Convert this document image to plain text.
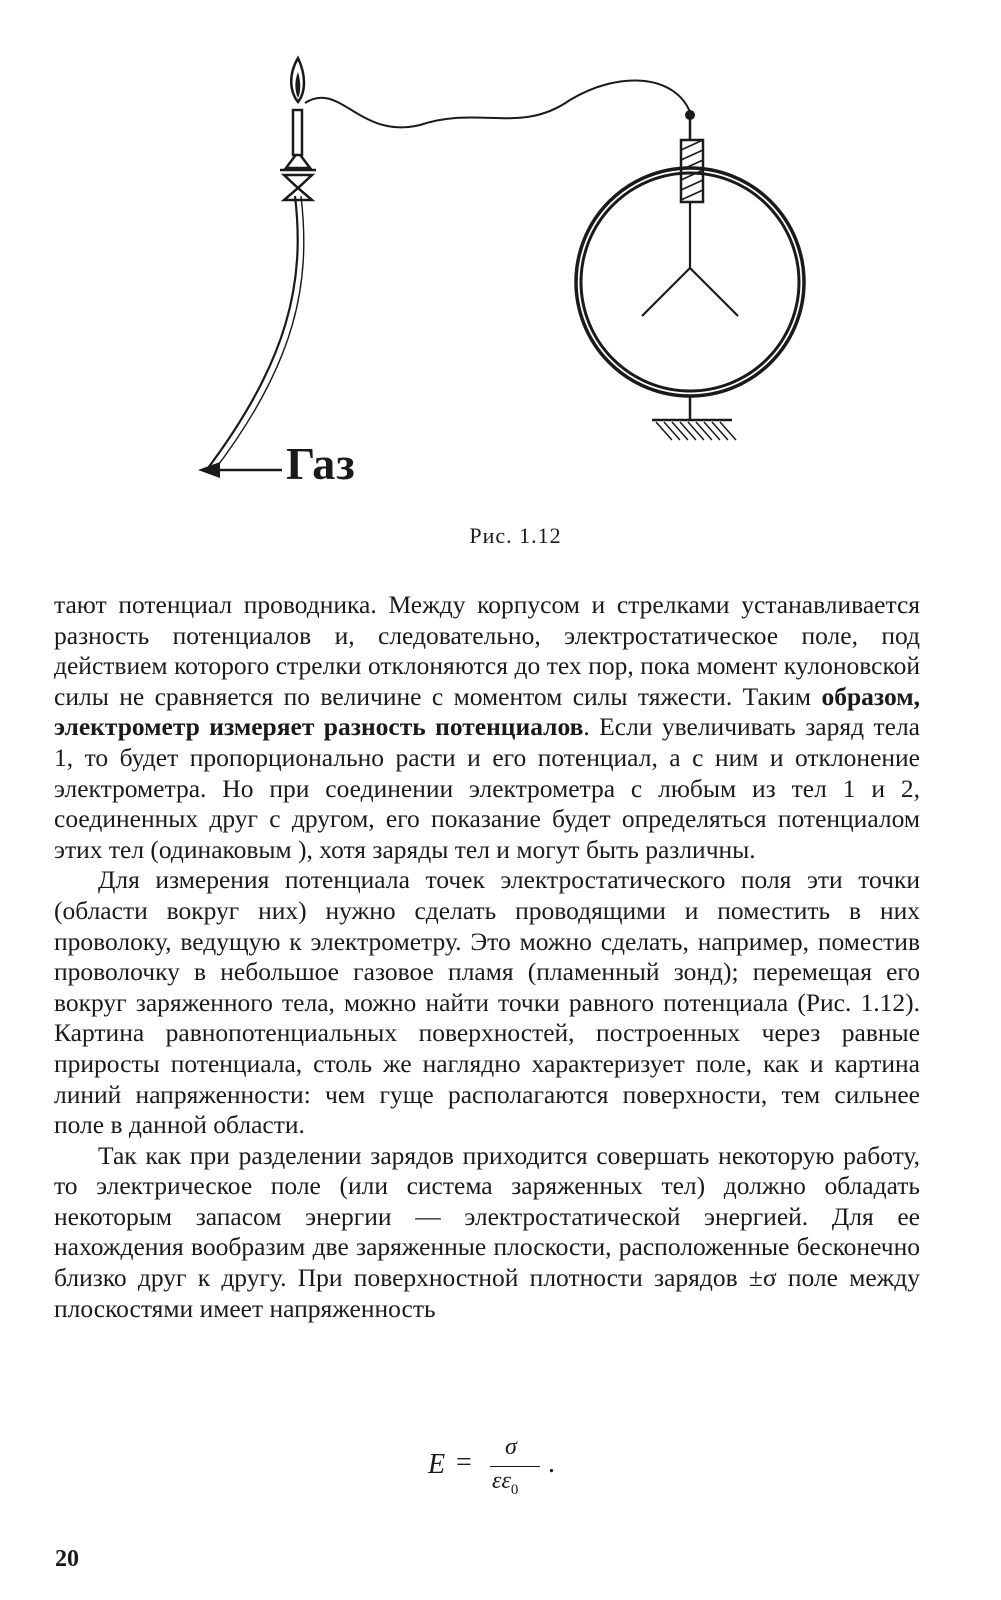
Газ
Рис. 1.12

тают потенциал проводника. Между корпусом и стрелками устанавливается разность потенциалов и, следовательно, электростатическое поле, под действием которого стрелки отклоняются до тех пор, пока момент кулоновской силы не сравняется по величине с моментом силы тяжести. Таким образом, электрометр измеряет разность потенциалов. Если увеличивать заряд тела 1, то будет пропорционально расти и его потенциал, а с ним и отклонение электрометра. Но при соединении электрометра с любым из тел 1 и 2, соединенных друг с другом, его показание будет определяться потенциалом этих тел (одинаковым ), хотя заряды тел и могут быть различны.

Для измерения потенциала точек электростатического поля эти точки (области вокруг них) нужно сделать проводящими и поместить в них проволоку, ведущую к электрометру. Это можно сделать, например, поместив проволочку в небольшое газовое пламя (пламенный зонд); перемещая его вокруг заряженного тела, можно найти точки равного потенциала (Рис. 1.12). Картина равнопотенциальных поверхностей, построенных через равные приросты потенциала, столь же наглядно характеризует поле, как и картина линий напряженности: чем гуще располагаются поверхности, тем сильнее поле в данной области.

Так как при разделении зарядов приходится совершать некоторую работу, то электрическое поле (или система заряженных тел) должно обладать некоторым запасом энергии — электростатической энергией. Для ее нахождения вообразим две заряженные плоскости, расположенные бесконечно близко друг к другу. При поверхностной плотности зарядов ±σ поле между плоскостями имеет напряженность

E = σ
$\varepsilon\varepsilon_0$
.
20
